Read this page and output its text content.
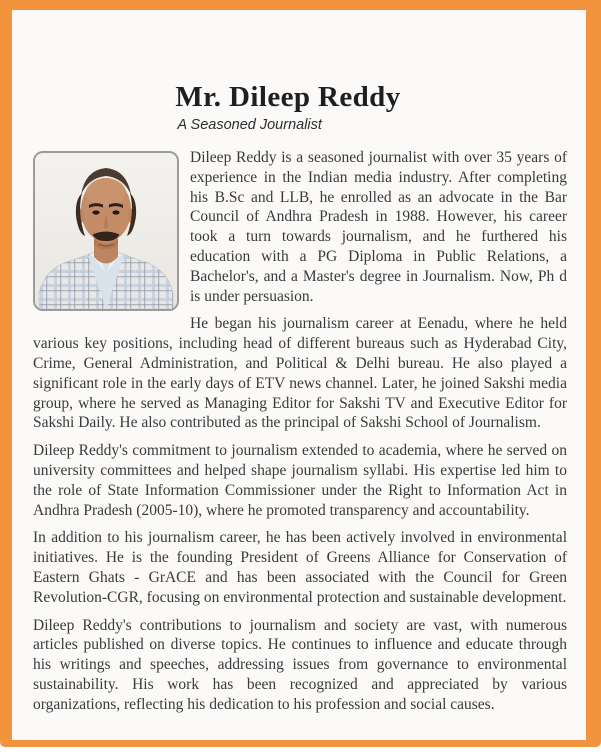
Mr. Dileep Reddy
A Seasoned Journalist

Dileep Reddy is a seasoned journalist with over 35 years of experience in the Indian media industry. After completing his B.Sc and LLB, he enrolled as an advocate in the Bar Council of Andhra Pradesh in 1988. However, his career took a turn towards journalism, and he furthered his education with a PG Diploma in Public Relations, a Bachelor's, and a Master's degree in Journalism. Now, Ph d is under persuasion.

He began his journalism career at Eenadu, where he held various key positions, including head of different bureaus such as Hyderabad City, Crime, General Administration, and Political & Delhi bureau. He also played a significant role in the early days of ETV news channel. Later, he joined Sakshi media group, where he served as Managing Editor for Sakshi TV and Executive Editor for Sakshi Daily. He also contributed as the principal of Sakshi School of Journalism.

Dileep Reddy's commitment to journalism extended to academia, where he served on university committees and helped shape journalism syllabi. His expertise led him to the role of State Information Commissioner under the Right to Information Act in Andhra Pradesh (2005-10), where he promoted transparency and accountability.

In addition to his journalism career, he has been actively involved in environmental initiatives. He is the founding President of Greens Alliance for Conservation of Eastern Ghats - GrACE and has been associated with the Council for Green Revolution-CGR, focusing on environmental protection and sustainable development.

Dileep Reddy's contributions to journalism and society are vast, with numerous articles published on diverse topics. He continues to influence and educate through his writings and speeches, addressing issues from governance to environmental sustainability. His work has been recognized and appreciated by various organizations, reflecting his dedication to his profession and social causes.
